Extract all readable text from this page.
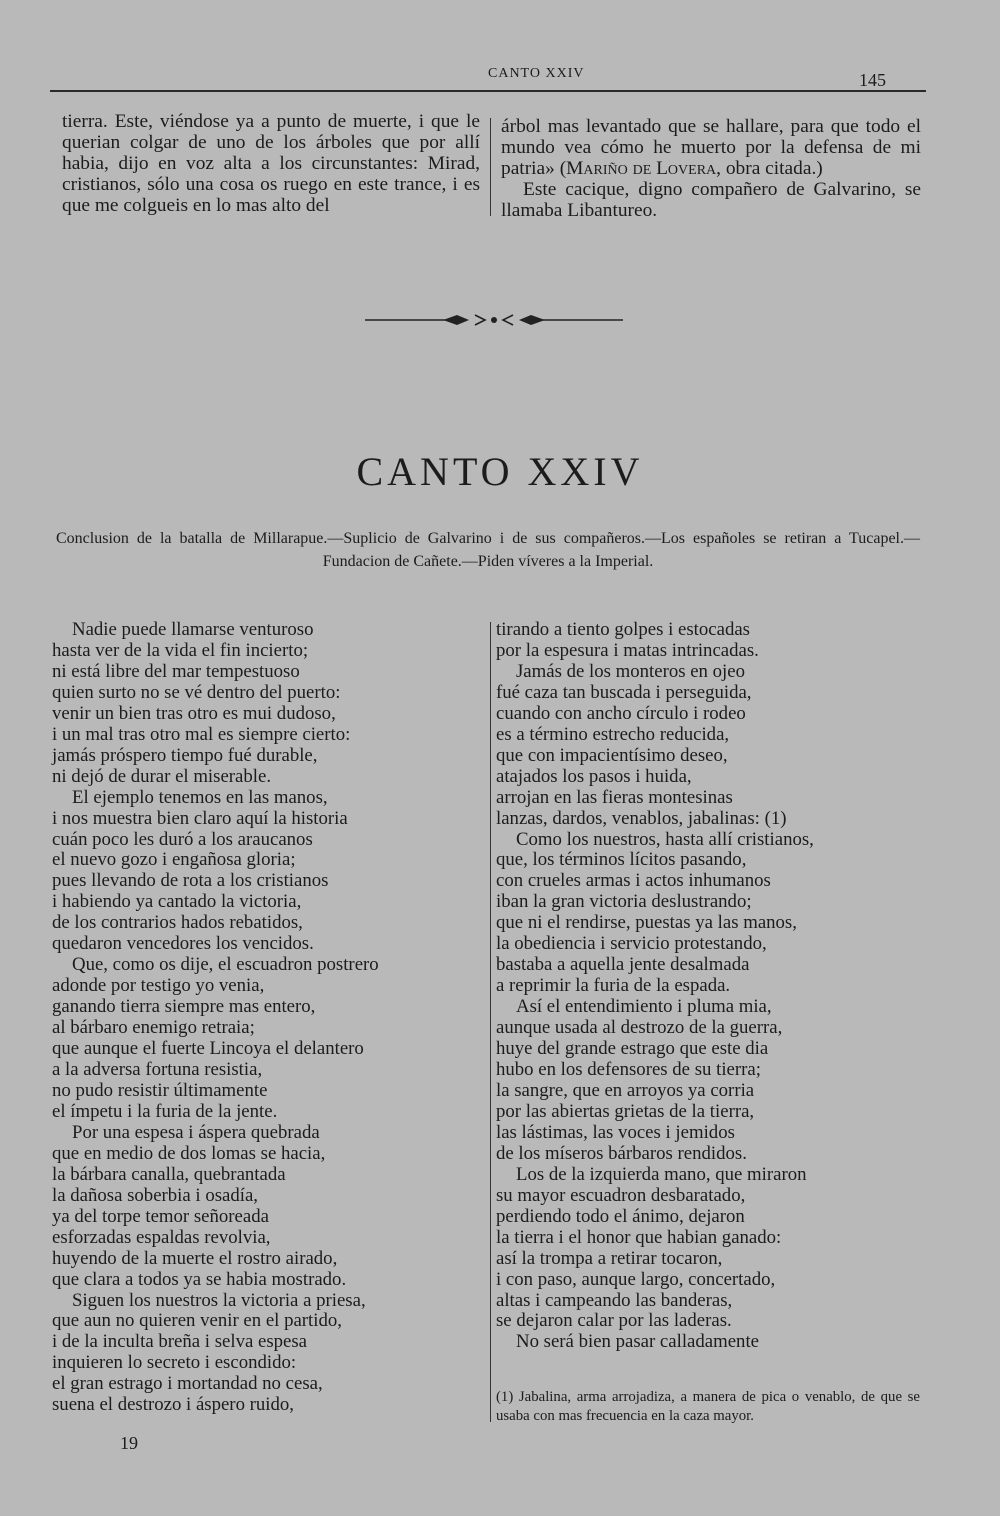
CANTO XXIV	145

tierra. Este, viéndose ya a punto de muerte, i que le querian colgar de uno de los árboles que por allí habia, dijo en voz alta a los circunstantes: Mirad, cristianos, sólo una cosa os ruego en este trance, i es que me colgueis en lo mas alto del

árbol mas levantado que se hallare, para que todo el mundo vea cómo he muerto por la defensa de mi patria» (Mariño de Lovera, obra citada.)

Este cacique, digno compañero de Galvarino, se llamaba Libantureo.

CANTO XXIV
Conclusion de la batalla de Millarapue.—Suplicio de Galvarino i de sus compañeros.—Los españoles se retiran a Tucapel.—Fundacion de Cañete.—Piden víveres a la Imperial.
Nadie puede llamarse venturoso
hasta ver de la vida el fin incierto;
ni está libre del mar tempestuoso
quien surto no se vé dentro del puerto:
venir un bien tras otro es mui dudoso,
i un mal tras otro mal es siempre cierto:
jamás próspero tiempo fué durable,
ni dejó de durar el miserable.
El ejemplo tenemos en las manos,
i nos muestra bien claro aquí la historia
cuán poco les duró a los araucanos
el nuevo gozo i engañosa gloria;
pues llevando de rota a los cristianos
i habiendo ya cantado la victoria,
de los contrarios hados rebatidos,
quedaron vencedores los vencidos.
Que, como os dije, el escuadron postrero
adonde por testigo yo venia,
ganando tierra siempre mas entero,
al bárbaro enemigo retraia;
que aunque el fuerte Lincoya el delantero
a la adversa fortuna resistia,
no pudo resistir últimamente
el ímpetu i la furia de la jente.
Por una espesa i áspera quebrada
que en medio de dos lomas se hacia,
la bárbara canalla, quebrantada
la dañosa soberbia i osadía,
ya del torpe temor señoreada
esforzadas espaldas revolvia,
huyendo de la muerte el rostro airado,
que clara a todos ya se habia mostrado.
Siguen los nuestros la victoria a priesa,
que aun no quieren venir en el partido,
i de la inculta breña i selva espesa
inquieren lo secreto i escondido:
el gran estrago i mortandad no cesa,
suena el destrozo i áspero ruido,
tirando a tiento golpes i estocadas
por la espesura i matas intrincadas.
Jamás de los monteros en ojeo
fué caza tan buscada i perseguida,
cuando con ancho círculo i rodeo
es a término estrecho reducida,
que con impacientísimo deseo,
atajados los pasos i huida,
arrojan en las fieras montesinas
lanzas, dardos, venablos, jabalinas: (1)
Como los nuestros, hasta allí cristianos,
que, los términos lícitos pasando,
con crueles armas i actos inhumanos
iban la gran victoria deslustrando;
que ni el rendirse, puestas ya las manos,
la obediencia i servicio protestando,
bastaba a aquella jente desalmada
a reprimir la furia de la espada.
Así el entendimiento i pluma mia,
aunque usada al destrozo de la guerra,
huye del grande estrago que este dia
hubo en los defensores de su tierra;
la sangre, que en arroyos ya corria
por las abiertas grietas de la tierra,
las lástimas, las voces i jemidos
de los míseros bárbaros rendidos.
Los de la izquierda mano, que miraron
su mayor escuadron desbaratado,
perdiendo todo el ánimo, dejaron
la tierra i el honor que habian ganado:
así la trompa a retirar tocaron,
i con paso, aunque largo, concertado,
altas i campeando las banderas,
se dejaron calar por las laderas.
No será bien pasar calladamente
(1) Jabalina, arma arrojadiza, a manera de pica o venablo, de que se usaba con mas frecuencia en la caza mayor.
19
